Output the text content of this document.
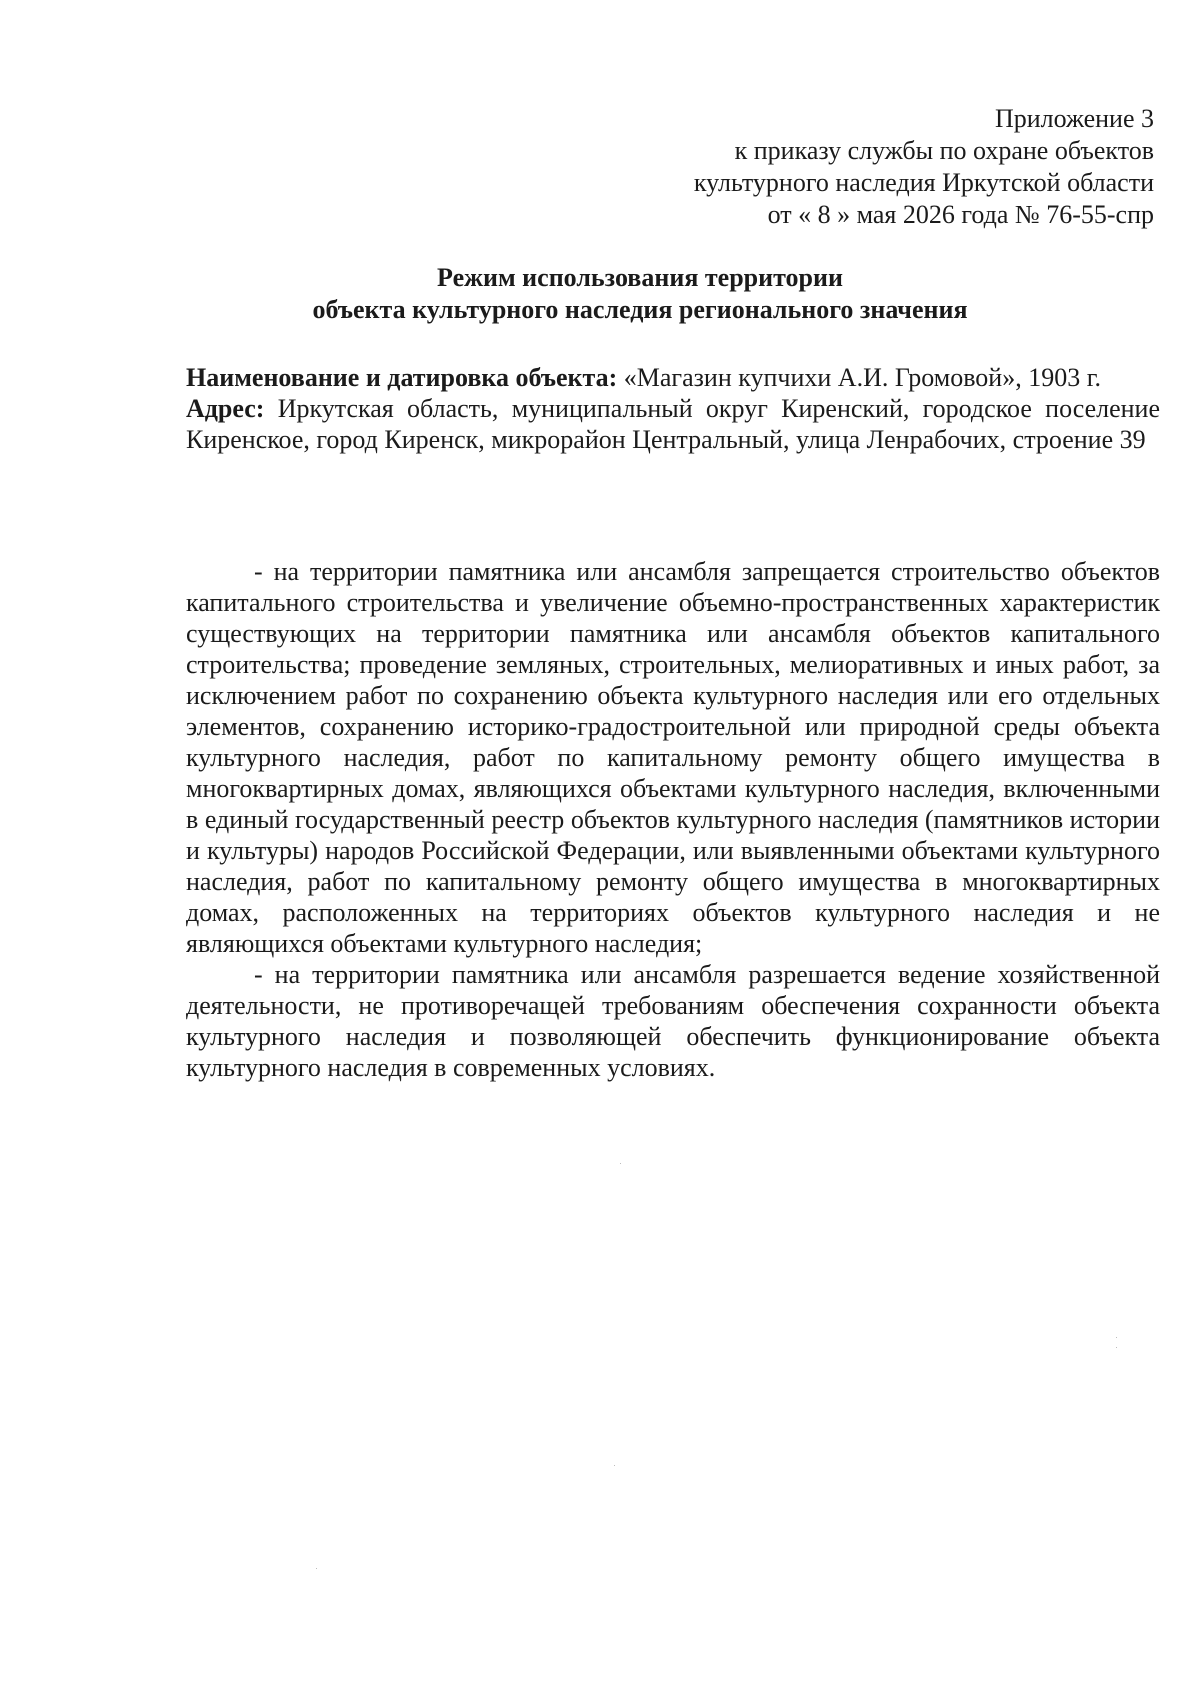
Приложение 3
к приказу службы по охране объектов
культурного наследия Иркутской области
от « 8 » мая 2026 года № 76-55-спр
Режим использования территории
объекта культурного наследия регионального значения

Наименование и датировка объекта: «Магазин купчихи А.И. Громовой», 1903 г.

Адрес: Иркутская область, муниципальный округ Киренский, городское поселение Киренское, город Киренск, микрорайон Центральный, улица Ленрабочих, строение 39

- на территории памятника или ансамбля запрещается строительство объектов капитального строительства и увеличение объемно-пространственных характеристик существующих на территории памятника или ансамбля объектов капитального строительства; проведение земляных, строительных, мелиоративных и иных работ, за исключением работ по сохранению объекта культурного наследия или его отдельных элементов, сохранению историко-градостроительной или природной среды объекта культурного наследия, работ по капитальному ремонту общего имущества в многоквартирных домах, являющихся объектами культурного наследия, включенными в единый государственный реестр объектов культурного наследия (памятников истории и культуры) народов Российской Федерации, или выявленными объектами культурного наследия, работ по капитальному ремонту общего имущества в многоквартирных домах, расположенных на территориях объектов культурного наследия и не являющихся объектами культурного наследия;

- на территории памятника или ансамбля разрешается ведение хозяйственной деятельности, не противоречащей требованиям обеспечения сохранности объекта культурного наследия и позволяющей обеспечить функционирование объекта культурного наследия в современных условиях.
